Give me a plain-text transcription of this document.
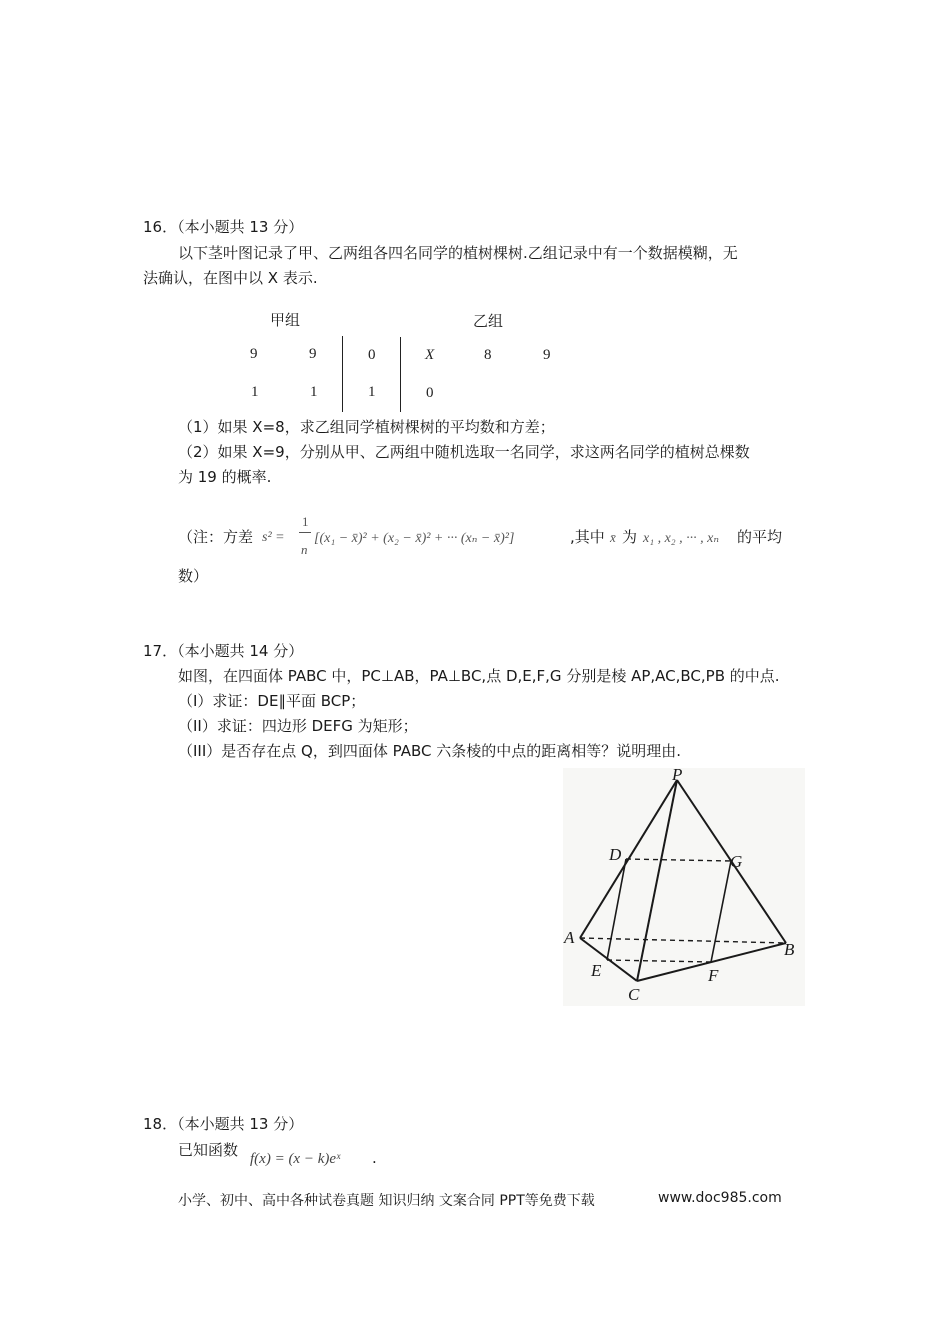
16．（本小题共 13 分）
以下茎叶图记录了甲、乙两组各四名同学的植树棵树.乙组记录中有一个数据模糊，无
法确认，在图中以 X 表示.
甲组	乙组
9	9	0	X	8	9
1	1	1	0
（1）如果 X=8，求乙组同学植树棵树的平均数和方差；
（2）如果 X=9，分别从甲、乙两组中随机选取一名同学，求这两名同学的植树总棵数
为 19 的概率.
（注：方差 s² =
1
n
[(x₁ − x̄)² + (x₂ − x̄)² + ··· (xₙ − x̄)²]	,其中 x̄ 为 x₁ , x₂ , ··· , xₙ 的平均
数）
17．（本小题共 14 分）
如图，在四面体 PABC 中，PC⊥AB，PA⊥BC,点 D,E,F,G 分别是棱 AP,AC,BC,PB 的中点.
（I）求证：DE∥平面 BCP；
（II）求证：四边形 DEFG 为矩形；
（III）是否存在点 Q，到四面体 PABC 六条棱的中点的距离相等？说明理由.
P
D	G
A
B
E	F
C
18．（本小题共 13 分）
已知函数 f(x) = (x − k)eˣ .
小学、初中、高中各种试卷真题 知识归纳 文案合同 PPT等免费下载	www.doc985.com
